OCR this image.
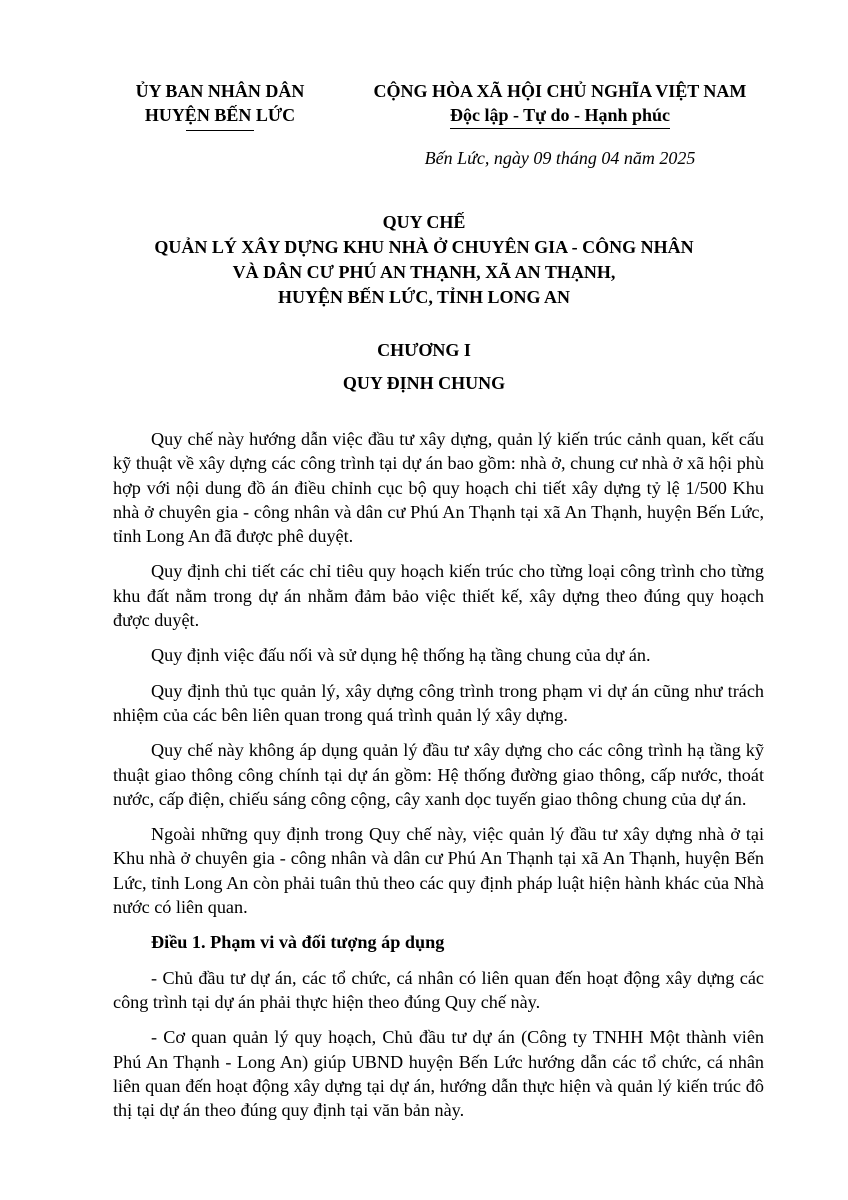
ỦY BAN NHÂN DÂN
HUYỆN BẾN LỨC
CỘNG HÒA XÃ HỘI CHỦ NGHĨA VIỆT NAM
Độc lập - Tự do - Hạnh phúc
Bến Lức, ngày 09 tháng 04 năm 2025
QUY CHẾ
QUẢN LÝ XÂY DỰNG KHU NHÀ Ở CHUYÊN GIA - CÔNG NHÂN
VÀ DÂN CƯ PHÚ AN THẠNH, XÃ AN THẠNH,
HUYỆN BẾN LỨC, TỈNH LONG AN
CHƯƠNG I
QUY ĐỊNH CHUNG

Quy chế này hướng dẫn việc đầu tư xây dựng, quản lý kiến trúc cảnh quan, kết cấu kỹ thuật về xây dựng các công trình tại dự án bao gồm: nhà ở, chung cư nhà ở xã hội phù hợp với nội dung đồ án điều chỉnh cục bộ quy hoạch chi tiết xây dựng tỷ lệ 1/500 Khu nhà ở chuyên gia - công nhân và dân cư Phú An Thạnh tại xã An Thạnh, huyện Bến Lức, tỉnh Long An đã được phê duyệt.

Quy định chi tiết các chỉ tiêu quy hoạch kiến trúc cho từng loại công trình cho từng khu đất nằm trong dự án nhằm đảm bảo việc thiết kế, xây dựng theo đúng quy hoạch được duyệt.

Quy định việc đấu nối và sử dụng hệ thống hạ tầng chung của dự án.

Quy định thủ tục quản lý, xây dựng công trình trong phạm vi dự án cũng như trách nhiệm của các bên liên quan trong quá trình quản lý xây dựng.

Quy chế này không áp dụng quản lý đầu tư xây dựng cho các công trình hạ tầng kỹ thuật giao thông công chính tại dự án gồm: Hệ thống đường giao thông, cấp nước, thoát nước, cấp điện, chiếu sáng công cộng, cây xanh dọc tuyến giao thông chung của dự án.

Ngoài những quy định trong Quy chế này, việc quản lý đầu tư xây dựng nhà ở tại Khu nhà ở chuyên gia - công nhân và dân cư Phú An Thạnh tại xã An Thạnh, huyện Bến Lức, tỉnh Long An còn phải tuân thủ theo các quy định pháp luật hiện hành khác của Nhà nước có liên quan.

Điều 1. Phạm vi và đối tượng áp dụng

- Chủ đầu tư dự án, các tổ chức, cá nhân có liên quan đến hoạt động xây dựng các công trình tại dự án phải thực hiện theo đúng Quy chế này.

- Cơ quan quản lý quy hoạch, Chủ đầu tư dự án (Công ty TNHH Một thành viên Phú An Thạnh - Long An) giúp UBND huyện Bến Lức hướng dẫn các tổ chức, cá nhân liên quan đến hoạt động xây dựng tại dự án, hướng dẫn thực hiện và quản lý kiến trúc đô thị tại dự án theo đúng quy định tại văn bản này.
